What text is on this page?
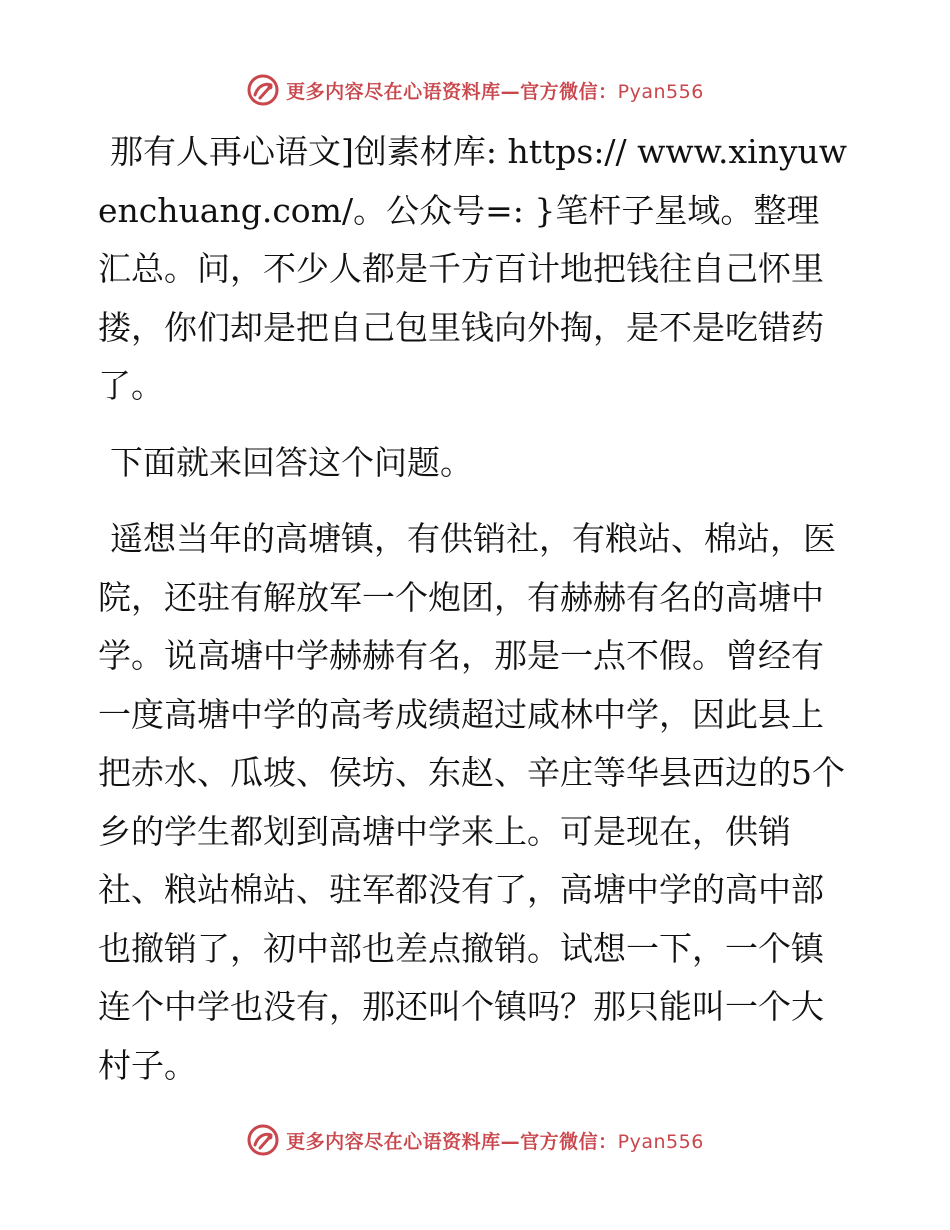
更多内容尽在心语资料库—官方微信：Pyan556

那有人再心语文]创素材库: https:// www.xinyuwenchuang.com/。公众号=: }笔杆子星域。整理汇总。问，不少人都是千方百计地把钱往自己怀里搂，你们却是把自己包里钱向外掏，是不是吃错药了。

下面就来回答这个问题。

遥想当年的高塘镇，有供销社，有粮站、棉站，医院，还驻有解放军一个炮团，有赫赫有名的高塘中学。说高塘中学赫赫有名，那是一点不假。曾经有一度高塘中学的高考成绩超过咸林中学，因此县上把赤水、瓜坡、侯坊、东赵、辛庄等华县西边的5个乡的学生都划到高塘中学来上。可是现在，供销社、粮站棉站、驻军都没有了，高塘中学的高中部也撤销了，初中部也差点撤销。试想一下，一个镇连个中学也没有，那还叫个镇吗？那只能叫一个大村子。

更多内容尽在心语资料库—官方微信：Pyan556
